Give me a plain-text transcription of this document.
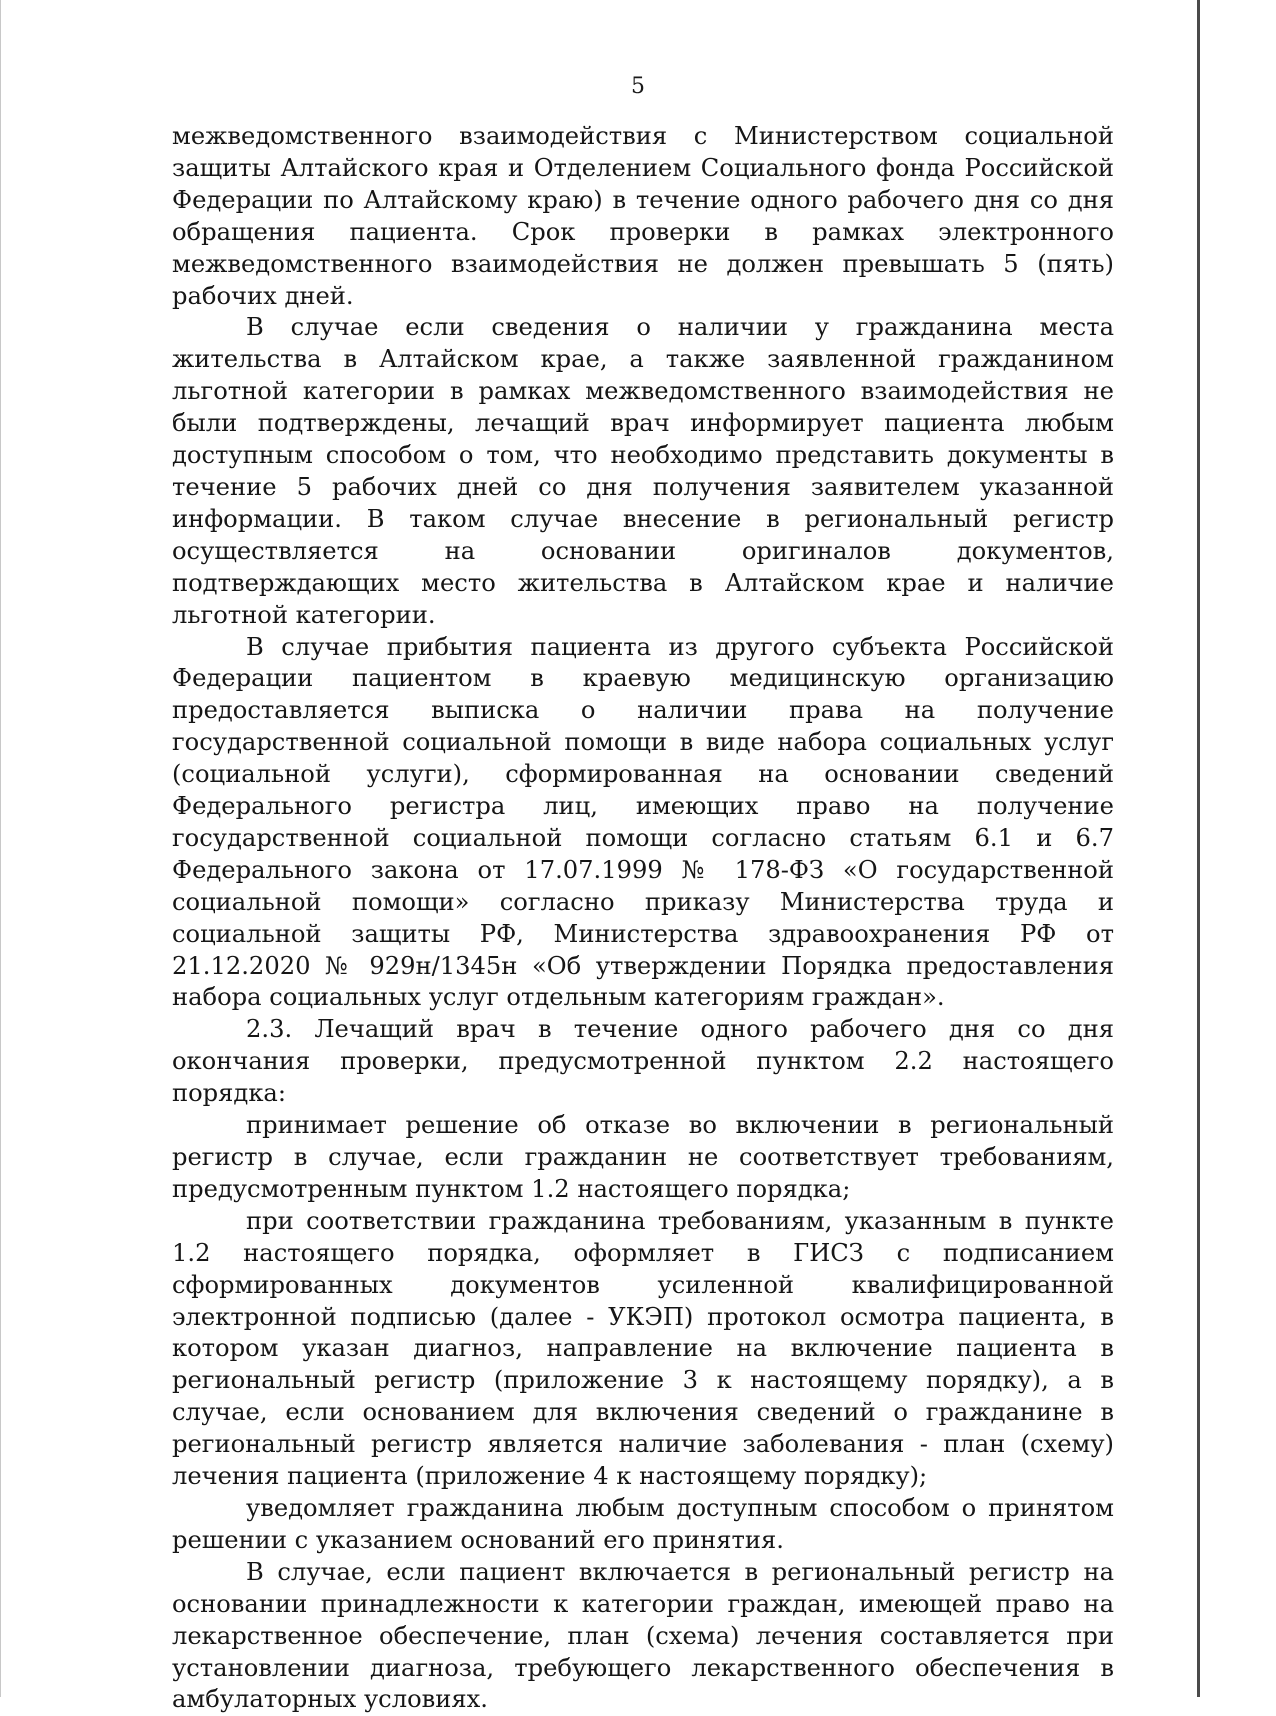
5

межведомственного взаимодействия с Министерством социальной защиты Алтайского края и Отделением Социального фонда Российской Федерации по Алтайскому краю) в течение одного рабочего дня со дня обращения пациента. Срок проверки в рамках электронного межведомственного взаимодействия не должен превышать 5 (пять) рабочих дней.

В случае если сведения о наличии у гражданина места жительства в Алтайском крае, а также заявленной гражданином льготной категории в рамках межведомственного взаимодействия не были подтверждены, лечащий врач информирует пациента любым доступным способом о том, что необходимо представить документы в течение 5 рабочих дней со дня получения заявителем указанной информации. В таком случае внесение в региональный регистр осуществляется на основании оригиналов документов, подтверждающих место жительства в Алтайском крае и наличие льготной категории.

В случае прибытия пациента из другого субъекта Российской Федерации пациентом в краевую медицинскую организацию предоставляется выписка о наличии права на получение государственной социальной помощи в виде набора социальных услуг (социальной услуги), сформированная на основании сведений Федерального регистра лиц, имеющих право на получение государственной социальной помощи согласно статьям 6.1 и 6.7 Федерального закона от 17.07.1999 № 178-ФЗ «О государственной социальной помощи» согласно приказу Министерства труда и социальной защиты РФ, Министерства здравоохранения РФ от 21.12.2020 № 929н/1345н «Об утверждении Порядка предоставления набора социальных услуг отдельным категориям граждан».

2.3. Лечащий врач в течение одного рабочего дня со дня окончания проверки, предусмотренной пунктом 2.2 настоящего порядка:

принимает решение об отказе во включении в региональный регистр в случае, если гражданин не соответствует требованиям, предусмотренным пунктом 1.2 настоящего порядка;

при соответствии гражданина требованиям, указанным в пункте 1.2 настоящего порядка, оформляет в ГИСЗ с подписанием сформированных документов усиленной квалифицированной электронной подписью (далее - УКЭП) протокол осмотра пациента, в котором указан диагноз, направление на включение пациента в региональный регистр (приложение 3 к настоящему порядку), а в случае, если основанием для включения сведений о гражданине в региональный регистр является наличие заболевания - план (схему) лечения пациента (приложение 4 к настоящему порядку);

уведомляет гражданина любым доступным способом о принятом решении с указанием оснований его принятия.

В случае, если пациент включается в региональный регистр на основании принадлежности к категории граждан, имеющей право на лекарственное обеспечение, план (схема) лечения составляется при установлении диагноза, требующего лекарственного обеспечения в амбулаторных условиях.
